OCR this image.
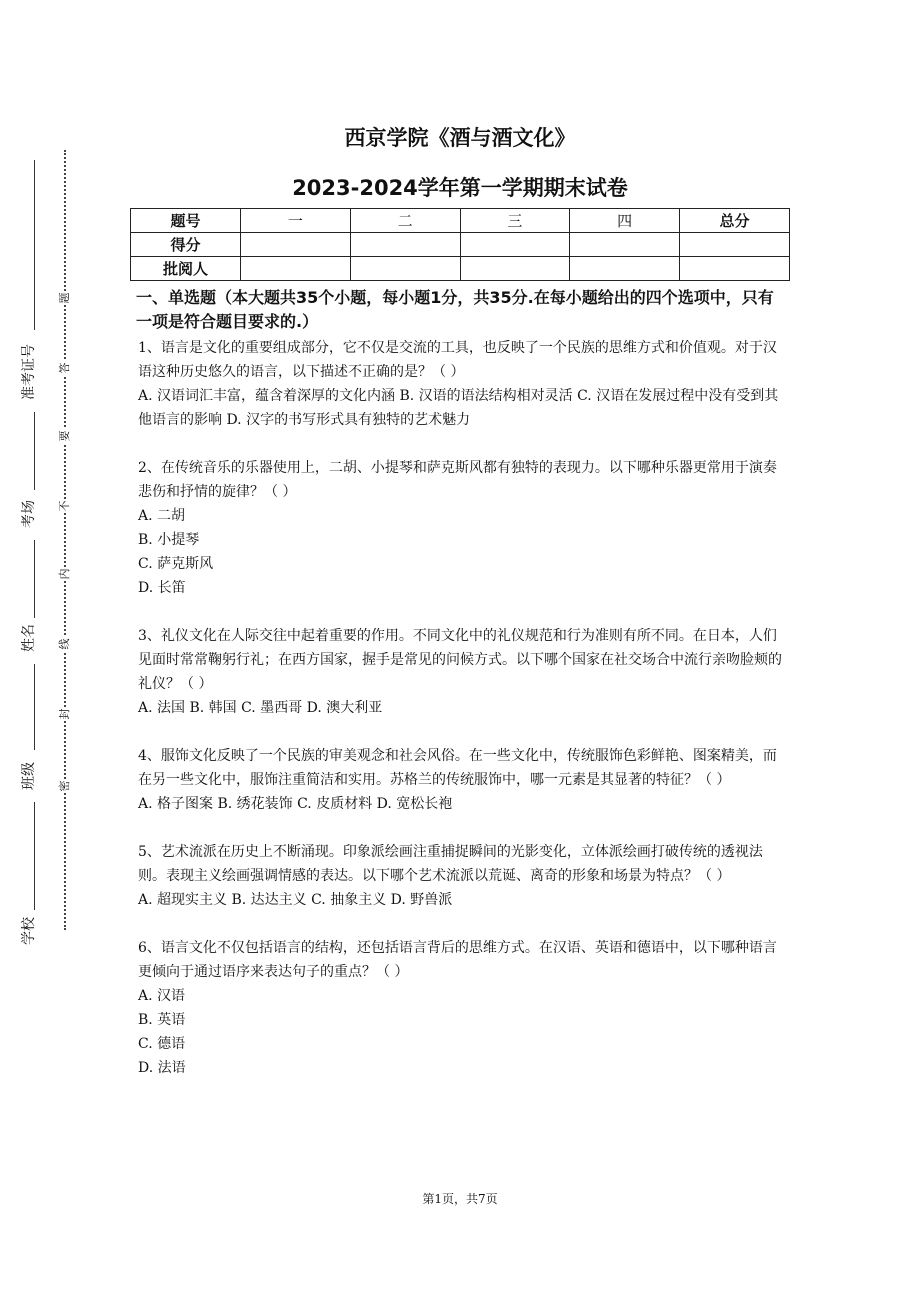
准考证号
考场
姓名
班级
学校
题
答
要
不
内
线
封
密
西京学院《酒与酒文化》
2023-2024学年第一学期期末试卷
题号	一	二	三	四	总分
得分					
批阅人					
一、单选题（本大题共35个小题，每小题1分，共35分.在每小题给出的四个选项中，只有一项是符合题目要求的.）

1、语言是文化的重要组成部分，它不仅是交流的工具，也反映了一个民族的思维方式和价值观。对于汉语这种历史悠久的语言，以下描述不正确的是？（ ）

A. 汉语词汇丰富，蕴含着深厚的文化内涵 B. 汉语的语法结构相对灵活 C. 汉语在发展过程中没有受到其他语言的影响 D. 汉字的书写形式具有独特的艺术魅力

2、在传统音乐的乐器使用上，二胡、小提琴和萨克斯风都有独特的表现力。以下哪种乐器更常用于演奏悲伤和抒情的旋律？（ ）

A. 二胡

B. 小提琴

C. 萨克斯风

D. 长笛

3、礼仪文化在人际交往中起着重要的作用。不同文化中的礼仪规范和行为准则有所不同。在日本，人们见面时常常鞠躬行礼；在西方国家，握手是常见的问候方式。以下哪个国家在社交场合中流行亲吻脸颊的礼仪？（ ）

A. 法国 B. 韩国 C. 墨西哥 D. 澳大利亚

4、服饰文化反映了一个民族的审美观念和社会风俗。在一些文化中，传统服饰色彩鲜艳、图案精美，而在另一些文化中，服饰注重简洁和实用。苏格兰的传统服饰中，哪一元素是其显著的特征？（ ）

A. 格子图案 B. 绣花装饰 C. 皮质材料 D. 宽松长袍

5、艺术流派在历史上不断涌现。印象派绘画注重捕捉瞬间的光影变化，立体派绘画打破传统的透视法则。表现主义绘画强调情感的表达。以下哪个艺术流派以荒诞、离奇的形象和场景为特点？（ ）

A. 超现实主义 B. 达达主义 C. 抽象主义 D. 野兽派

6、语言文化不仅包括语言的结构，还包括语言背后的思维方式。在汉语、英语和德语中，以下哪种语言更倾向于通过语序来表达句子的重点？（ ）

A. 汉语

B. 英语

C. 德语

D. 法语

第1页，共7页
